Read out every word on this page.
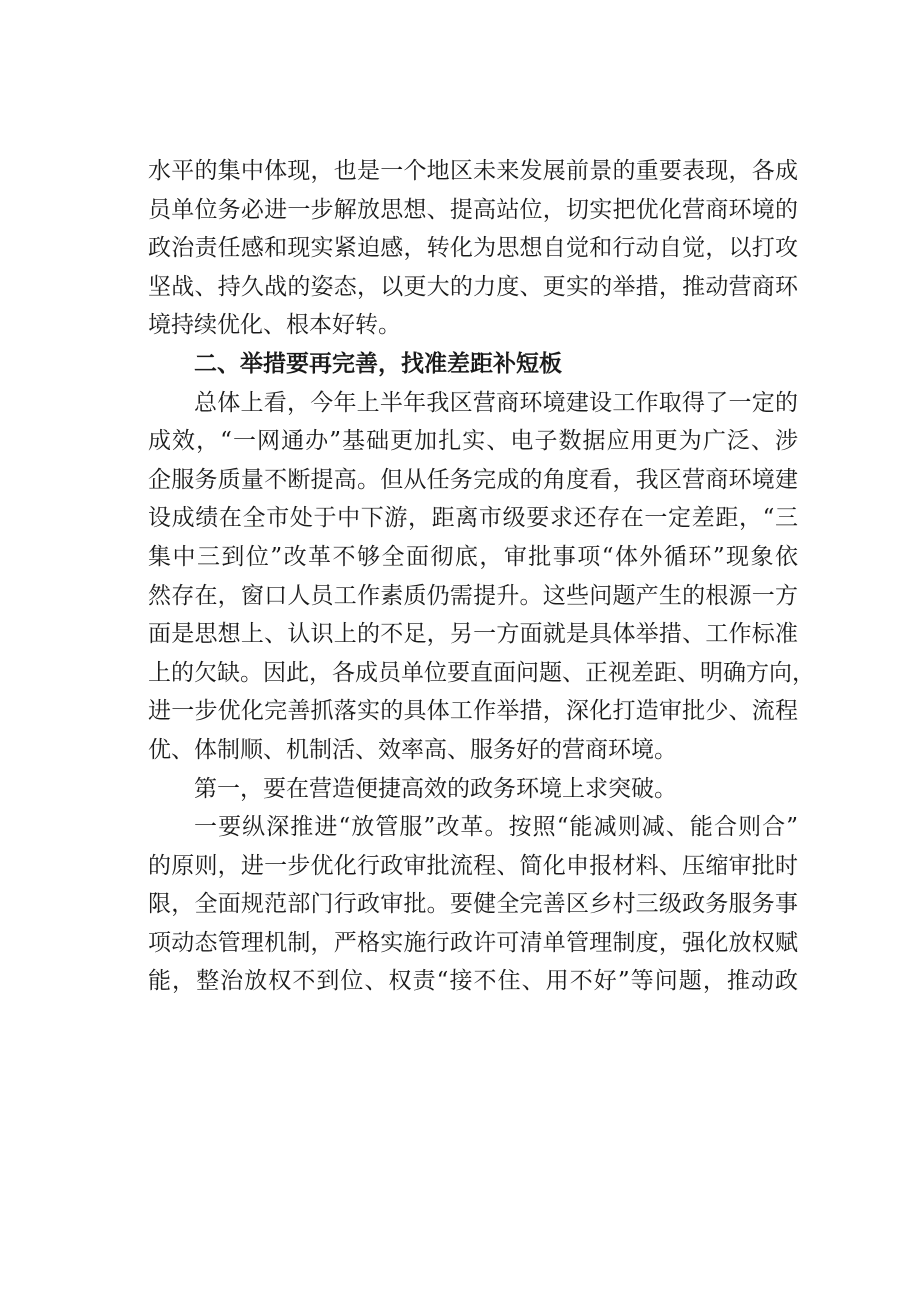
水平的集中体现，也是一个地区未来发展前景的重要表现，各成
员单位务必进一步解放思想、提高站位，切实把优化营商环境的
政治责任感和现实紧迫感，转化为思想自觉和行动自觉，以打攻
坚战、持久战的姿态，以更大的力度、更实的举措，推动营商环
境持续优化、根本好转。
二、举措要再完善，找准差距补短板
总体上看，今年上半年我区营商环境建设工作取得了一定的
成效，“一网通办”基础更加扎实、电子数据应用更为广泛、涉
企服务质量不断提高。但从任务完成的角度看，我区营商环境建
设成绩在全市处于中下游，距离市级要求还存在一定差距，“三
集中三到位”改革不够全面彻底，审批事项“体外循环”现象依
然存在，窗口人员工作素质仍需提升。这些问题产生的根源一方
面是思想上、认识上的不足，另一方面就是具体举措、工作标准
上的欠缺。因此，各成员单位要直面问题、正视差距、明确方向，
进一步优化完善抓落实的具体工作举措，深化打造审批少、流程
优、体制顺、机制活、效率高、服务好的营商环境。
第一，要在营造便捷高效的政务环境上求突破。
一要纵深推进“放管服”改革。按照“能减则减、能合则合”
的原则，进一步优化行政审批流程、简化申报材料、压缩审批时
限，全面规范部门行政审批。要健全完善区乡村三级政务服务事
项动态管理机制，严格实施行政许可清单管理制度，强化放权赋
能，整治放权不到位、权责“接不住、用不好”等问题，推动政
